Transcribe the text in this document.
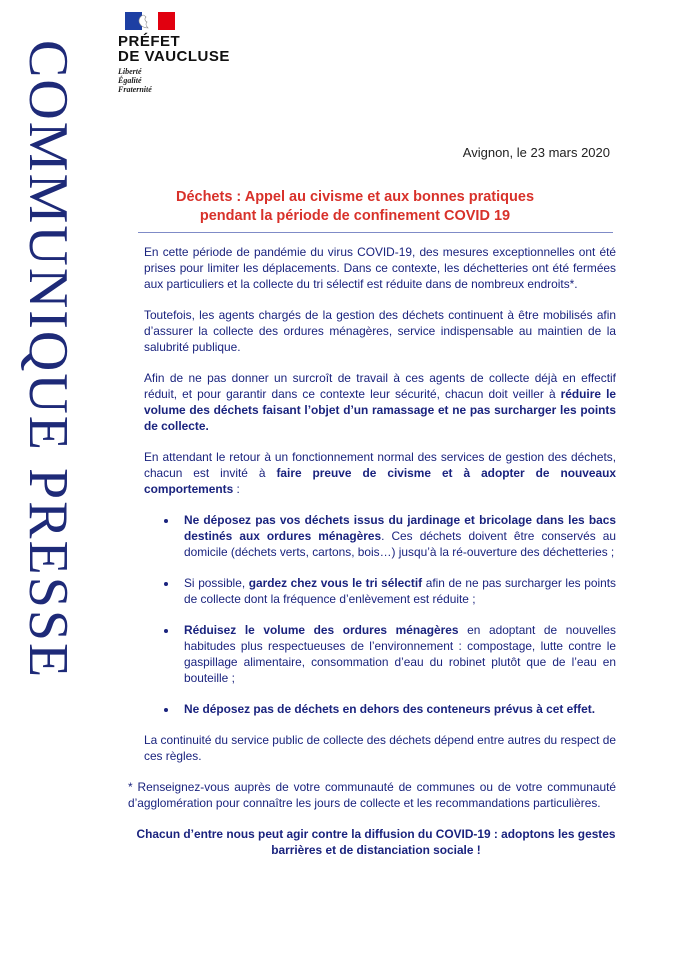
COMMUNIQUE PRESSE	PRÉFET
DE VAUCLUSE
Liberté
Égalité
Fraternité
Avignon, le 23 mars 2020
Déchets : Appel au civisme et aux bonnes pratiques
pendant la période de confinement COVID 19

En cette période de pandémie du virus COVID-19, des mesures exceptionnelles ont été prises pour limiter les déplacements. Dans ce contexte, les déchetteries ont été fermées aux particuliers et la collecte du tri sélectif est réduite dans de nombreux endroits*.

Toutefois, les agents chargés de la gestion des déchets continuent à être mobilisés afin d’assurer la collecte des ordures ménagères, service indispensable au maintien de la salubrité publique.

Afin de ne pas donner un surcroît de travail à ces agents de collecte déjà en effectif réduit, et pour garantir dans ce contexte leur sécurité, chacun doit veiller à réduire le volume des déchets faisant l’objet d’un ramassage et ne pas surcharger les points de collecte.

En attendant le retour à un fonctionnement normal des services de gestion des déchets, chacun est invité à faire preuve de civisme et à adopter de nouveaux comportements :

• Ne déposez pas vos déchets issus du jardinage et bricolage dans les bacs destinés aux ordures ménagères. Ces déchets doivent être conservés au domicile (déchets verts, cartons, bois…) jusqu’à la ré-ouverture des déchetteries ;
• Si possible, gardez chez vous le tri sélectif afin de ne pas surcharger les points de collecte dont la fréquence d’enlèvement est réduite ;
• Réduisez le volume des ordures ménagères en adoptant de nouvelles habitudes plus respectueuses de l’environnement : compostage, lutte contre le gaspillage alimentaire, consommation d’eau du robinet plutôt que de l’eau en bouteille ;
• Ne déposez pas de déchets en dehors des conteneurs prévus à cet effet.

La continuité du service public de collecte des déchets dépend entre autres du respect de ces règles.

* Renseignez-vous auprès de votre communauté de communes ou de votre communauté d’agglomération pour connaître les jours de collecte et les recommandations particulières.

Chacun d’entre nous peut agir contre la diffusion du COVID-19 : adoptons les gestes barrières et de distanciation sociale !
